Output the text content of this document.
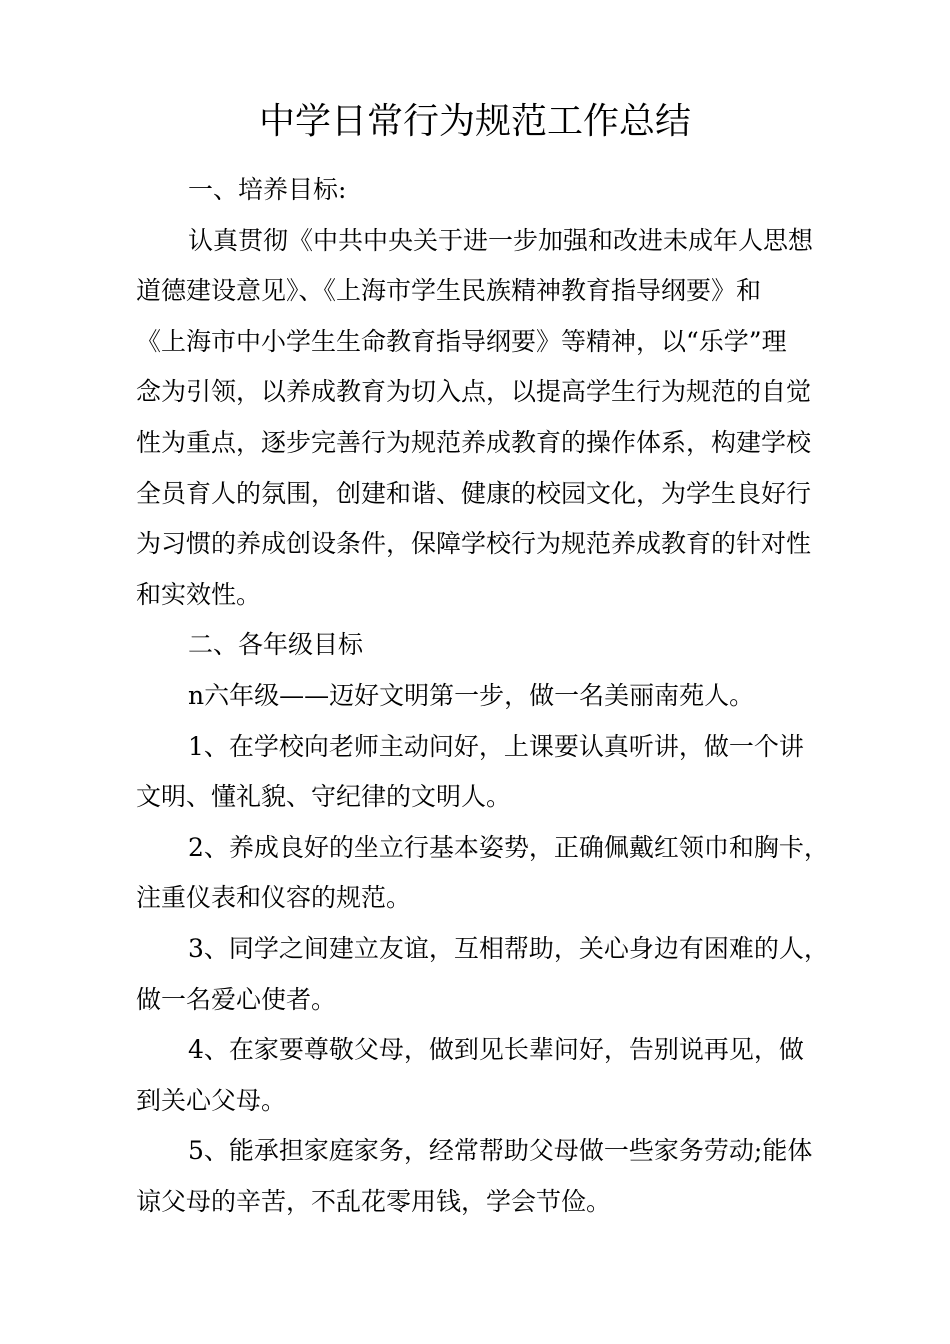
中学日常行为规范工作总结
一、培养目标:
认真贯彻《中共中央关于进一步加强和改进未成年人思想
道德建设意见》、《上海市学生民族精神教育指导纲要》和
《上海市中小学生生命教育指导纲要》等精神，以“乐学”理
念为引领，以养成教育为切入点，以提高学生行为规范的自觉
性为重点，逐步完善行为规范养成教育的操作体系，构建学校
全员育人的氛围，创建和谐、健康的校园文化，为学生良好行
为习惯的养成创设条件，保障学校行为规范养成教育的针对性
和实效性。
二、各年级目标
n六年级——迈好文明第一步，做一名美丽南苑人。
1、在学校向老师主动问好，上课要认真听讲，做一个讲
文明、懂礼貌、守纪律的文明人。
2、养成良好的坐立行基本姿势，正确佩戴红领巾和胸卡，
注重仪表和仪容的规范。
3、同学之间建立友谊，互相帮助，关心身边有困难的人，
做一名爱心使者。
4、在家要尊敬父母，做到见长辈问好，告别说再见，做
到关心父母。
5、能承担家庭家务，经常帮助父母做一些家务劳动;能体
谅父母的辛苦，不乱花零用钱，学会节俭。
